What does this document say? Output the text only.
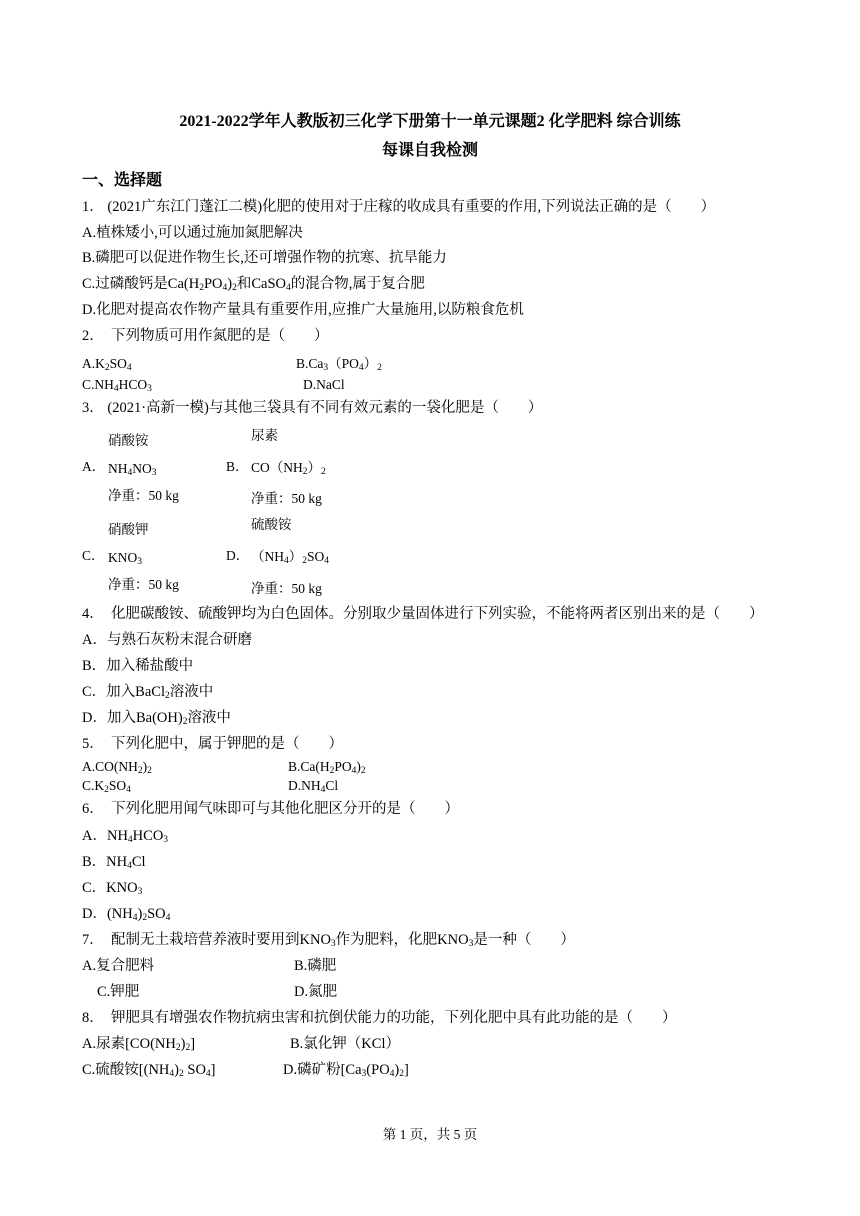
2021-2022学年人教版初三化学下册第十一单元课题2 化学肥料 综合训练
每课自我检测
一、选择题
1． (2021广东江门蓬江二模)化肥的使用对于庄稼的收成具有重要的作用,下列说法正确的是（　　）
A.植株矮小,可以通过施加氮肥解决
B.磷肥可以促进作物生长,还可增强作物的抗寒、抗旱能力
C.过磷酸钙是$Ca(H_2PO_4)_2$和CaSO$_4$的混合物,属于复合肥
D.化肥对提高农作物产量具有重要作用,应推广大量施用,以防粮食危机
2．　下列物质可用作氮肥的是（　　）
$A.K_2SO_4$	$B.Ca_3(PO_4)_2$
$C.NH_4HCO_3$	D.NaCl
3． (2021·高新一模)与其他三袋具有不同有效元素的一袋化肥是（　　）
A．
硝酸铵
$NH_4NO_3$
净重：50 kg
B．
尿素
$CO(NH_2)_2$
净重：50 kg
C．
硝酸钾
$KNO_3$
净重：50 kg
D．
硫酸铵
$(NH_4)_2SO_4$
净重：50 kg
4．　化肥碳酸铵、硫酸钾均为白色固体。分别取少量固体进行下列实验，不能将两者区别出来的是（　　）
A．与熟石灰粉末混合研磨
B．加入稀盐酸中
C．加入BaCl$_2$溶液中
D．加入$Ba(OH)_2$溶液中
5．　下列化肥中，属于钾肥的是（　　）
$A.CO(NH_2)_2$	$B.Ca(H_2PO_4)_2$
$C.K_2SO_4$	$D.NH_4Cl$
6．　下列化肥用闻气味即可与其他化肥区分开的是（　　）
A．$NH_4HCO_3$
B．$NH_4Cl$
C．$KNO_3$
D．$(NH_4)_2SO_4$
7．　配制无土栽培营养液时要用到$KNO_3$作为肥料，化肥$KNO_3$是一种（　　）
A.复合肥料	B.磷肥
C.钾肥	D.氮肥
8．　钾肥具有增强农作物抗病虫害和抗倒伏能力的功能，下列化肥中具有此功能的是（　　）
A.尿素$[CO(NH_2)_2]$	B.氯化钾（KCl）
C.硫酸铵[$(NH_4)_2$ $SO_4$]	D.磷矿粉$[Ca_3(PO_4)_2]$
第 1 页，共 5 页
